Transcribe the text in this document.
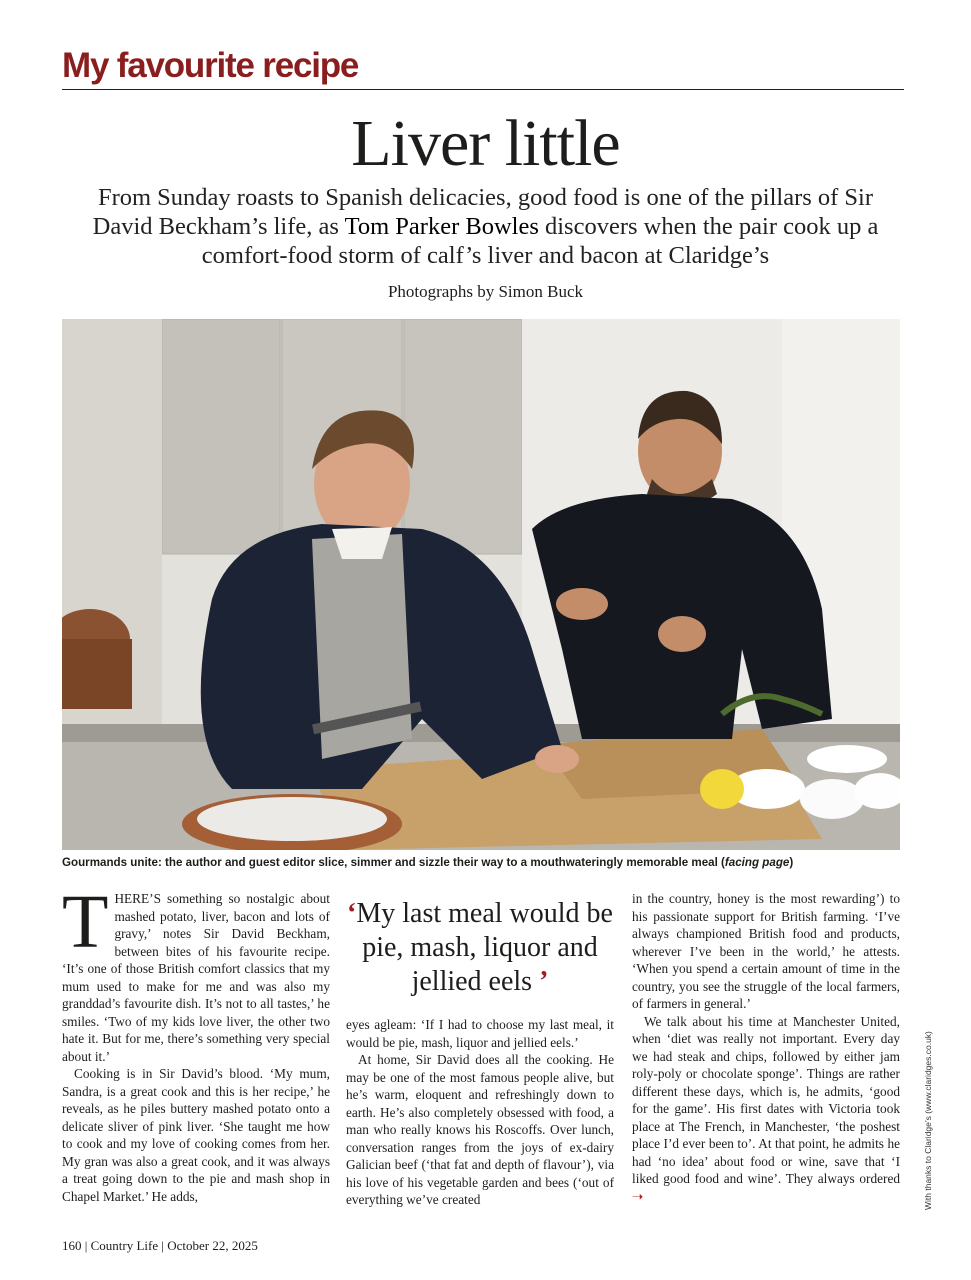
My favourite recipe
Liver little

From Sunday roasts to Spanish delicacies, good food is one of the pillars of Sir David Beckham’s life, as Tom Parker Bowles discovers when the pair cook up a comfort-food storm of calf’s liver and bacon at Claridge’s

Photographs by Simon Buck
Gourmands unite: the author and guest editor slice, simmer and sizzle their way to a mouthwateringly memorable meal (facing page)

THERE’S something so nostalgic about mashed potato, liver, bacon and lots of gravy,’ notes Sir David Beckham, between bites of his favourite recipe. ‘It’s one of those British comfort classics that my mum used to make for me and was also my granddad’s favourite dish. It’s not to all tastes,’ he smiles. ‘Two of my kids love liver, the other two hate it. But for me, there’s something very special about it.’

Cooking is in Sir David’s blood. ‘My mum, Sandra, is a great cook and this is her recipe,’ he reveals, as he piles buttery mashed potato onto a delicate sliver of pink liver. ‘She taught me how to cook and my love of cooking comes from her. My gran was also a great cook, and it was always a treat going down to the pie and mash shop in Chapel Market.’ He adds,

‘My last meal would be pie, mash, liquor and jellied eels ’

eyes agleam: ‘If I had to choose my last meal, it would be pie, mash, liquor and jellied eels.’

At home, Sir David does all the cooking. He may be one of the most famous people alive, but he’s warm, eloquent and refreshingly down to earth. He’s also completely obsessed with food, a man who really knows his Roscoffs. Over lunch, conversation ranges from the joys of ex-dairy Galician beef (‘that fat and depth of flavour’), via his love of his vegetable garden and bees (‘out of everything we’ve created

in the country, honey is the most rewarding’) to his passionate support for British farming. ‘I’ve always championed British food and products, wherever I’ve been in the world,’ he attests. ‘When you spend a certain amount of time in the country, you see the struggle of the local farmers, of farmers in general.’

We talk about his time at Manchester United, when ‘diet was really not important. Every day we had steak and chips, followed by either jam roly-poly or chocolate sponge’. Things are rather different these days, which is, he admits, ‘good for the game’. His first dates with Victoria took place at The French, in Manchester, ‘the poshest place I’d ever been to’. At that point, he admits he had ‘no idea’ about food or wine, save that ‘I liked good food and wine’. They always ordered ➝

160 | Country Life | October 22, 2025
With thanks to Claridge’s (www.claridges.co.uk)
